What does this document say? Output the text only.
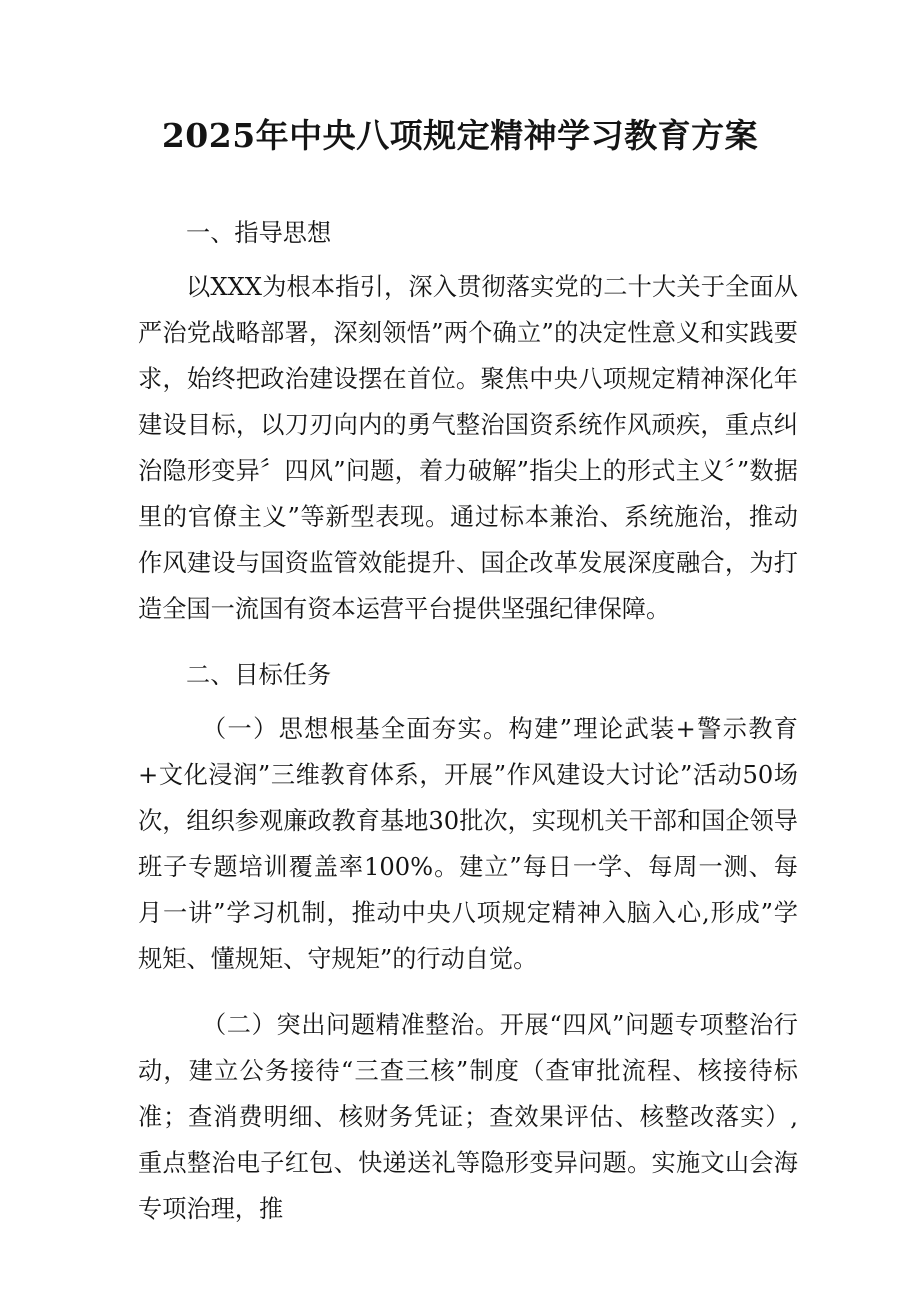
2025年中央八项规定精神学习教育方案

一、指导思想

以XXX为根本指引，深入贯彻落实党的二十大关于全面从严治党战略部署，深刻领悟”两个确立”的决定性意义和实践要求，始终把政治建设摆在首位。聚焦中央八项规定精神深化年建设目标，以刀刃向内的勇气整治国资系统作风顽疾，重点纠治隐形变异〞四风”问题，着力破解”指尖上的形式主义〞”数据里的官僚主义”等新型表现。通过标本兼治、系统施治，推动作风建设与国资监管效能提升、国企改革发展深度融合，为打造全国一流国有资本运营平台提供坚强纪律保障。

二、目标任务

（一）思想根基全面夯实。构建”理论武装+警示教育+文化浸润”三维教育体系，开展”作风建设大讨论”活动50场次，组织参观廉政教育基地30批次，实现机关干部和国企领导班子专题培训覆盖率100%。建立”每日一学、每周一测、每月一讲”学习机制，推动中央八项规定精神入脑入心,形成”学规矩、懂规矩、守规矩”的行动自觉。

（二）突出问题精准整治。开展“四风”问题专项整治行动，建立公务接待“三查三核”制度（查审批流程、核接待标准；查消费明细、核财务凭证；查效果评估、核整改落实）,重点整治电子红包、快递送礼等隐形变异问题。实施文山会海专项治理，推
